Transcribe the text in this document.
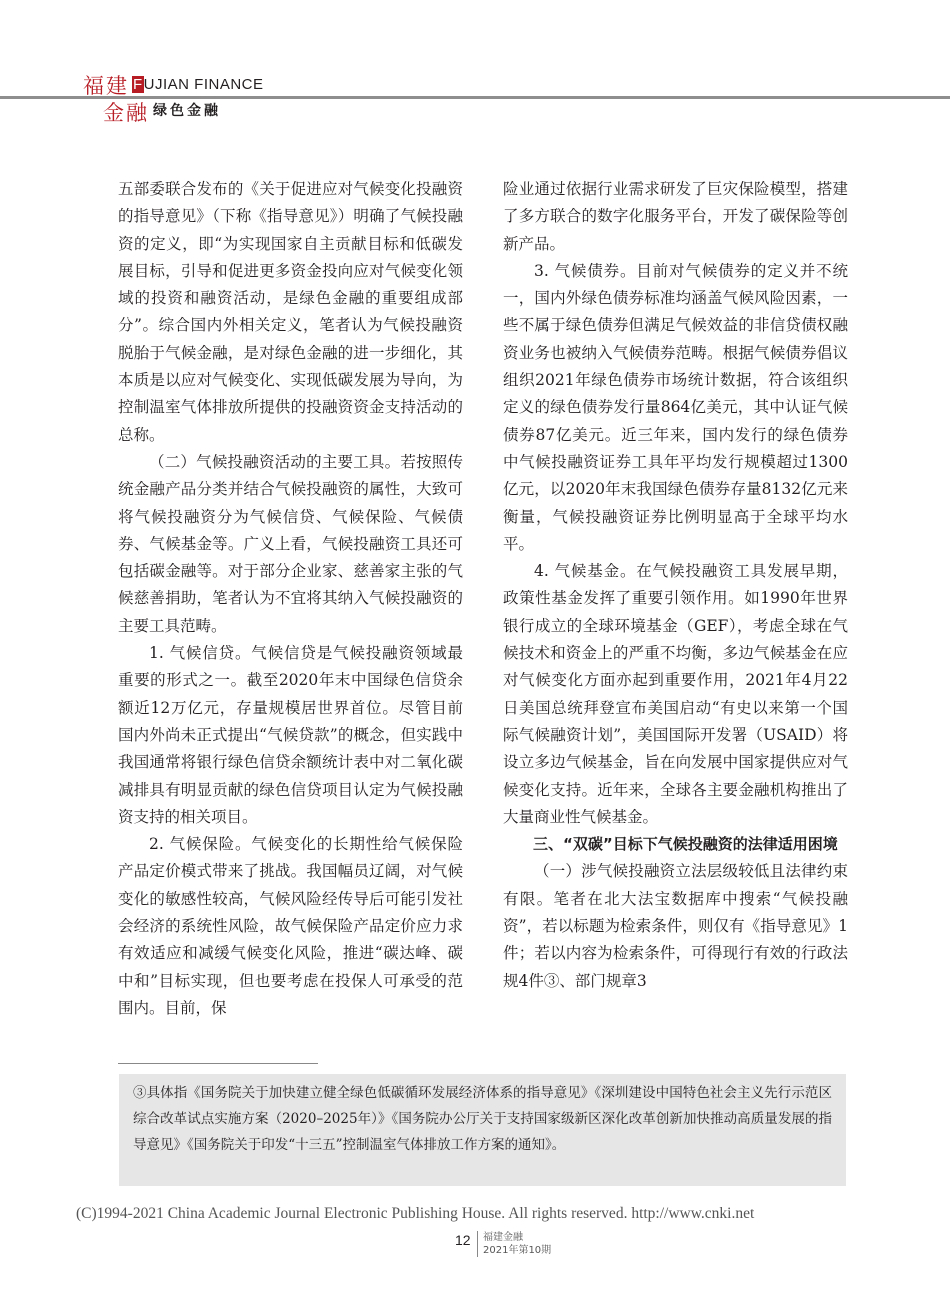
福建 FUJIAN FINANCE
金融 绿色金融

五部委联合发布的《关于促进应对气候变化投融资的指导意见》（下称《指导意见》）明确了气候投融资的定义，即“为实现国家自主贡献目标和低碳发展目标，引导和促进更多资金投向应对气候变化领域的投资和融资活动，是绿色金融的重要组成部分”。综合国内外相关定义，笔者认为气候投融资脱胎于气候金融，是对绿色金融的进一步细化，其本质是以应对气候变化、实现低碳发展为导向，为控制温室气体排放所提供的投融资资金支持活动的总称。

（二）气候投融资活动的主要工具。若按照传统金融产品分类并结合气候投融资的属性，大致可将气候投融资分为气候信贷、气候保险、气候债券、气候基金等。广义上看，气候投融资工具还可包括碳金融等。对于部分企业家、慈善家主张的气候慈善捐助，笔者认为不宜将其纳入气候投融资的主要工具范畴。

1. 气候信贷。气候信贷是气候投融资领域最重要的形式之一。截至2020年末中国绿色信贷余额近12万亿元，存量规模居世界首位。尽管目前国内外尚未正式提出“气候贷款”的概念，但实践中我国通常将银行绿色信贷余额统计表中对二氧化碳减排具有明显贡献的绿色信贷项目认定为气候投融资支持的相关项目。

2. 气候保险。气候变化的长期性给气候保险产品定价模式带来了挑战。我国幅员辽阔，对气候变化的敏感性较高，气候风险经传导后可能引发社会经济的系统性风险，故气候保险产品定价应力求有效适应和减缓气候变化风险，推进“碳达峰、碳中和”目标实现，但也要考虑在投保人可承受的范围内。目前，保

险业通过依据行业需求研发了巨灾保险模型，搭建了多方联合的数字化服务平台，开发了碳保险等创新产品。

3. 气候债券。目前对气候债券的定义并不统一，国内外绿色债券标准均涵盖气候风险因素，一些不属于绿色债券但满足气候效益的非信贷债权融资业务也被纳入气候债券范畴。根据气候债券倡议组织2021年绿色债券市场统计数据，符合该组织定义的绿色债券发行量864亿美元，其中认证气候债券87亿美元。近三年来，国内发行的绿色债券中气候投融资证券工具年平均发行规模超过1300亿元，以2020年末我国绿色债券存量8132亿元来衡量，气候投融资证券比例明显高于全球平均水平。

4. 气候基金。在气候投融资工具发展早期，政策性基金发挥了重要引领作用。如1990年世界银行成立的全球环境基金（GEF），考虑全球在气候技术和资金上的严重不均衡，多边气候基金在应对气候变化方面亦起到重要作用，2021年4月22日美国总统拜登宣布美国启动“有史以来第一个国际气候融资计划”，美国国际开发署（USAID）将设立多边气候基金，旨在向发展中国家提供应对气候变化支持。近年来，全球各主要金融机构推出了大量商业性气候基金。

三、“双碳”目标下气候投融资的法律适用困境

（一）涉气候投融资立法层级较低且法律约束有限。笔者在北大法宝数据库中搜索“气候投融资”，若以标题为检索条件，则仅有《指导意见》1件；若以内容为检索条件，可得现行有效的行政法规4件③、部门规章3

③具体指《国务院关于加快建立健全绿色低碳循环发展经济体系的指导意见》《深圳建设中国特色社会主义先行示范区综合改革试点实施方案（2020–2025年）》《国务院办公厅关于支持国家级新区深化改革创新加快推动高质量发展的指导意见》《国务院关于印发“十三五”控制温室气体排放工作方案的通知》。
(C)1994-2021 China Academic Journal Electronic Publishing House. All rights reserved. http://www.cnki.net
12 福建金融
2021年第10期
